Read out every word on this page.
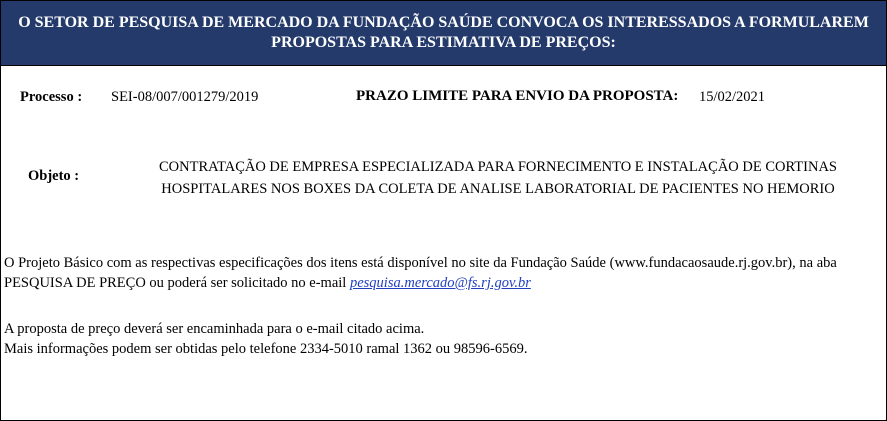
O SETOR DE PESQUISA DE MERCADO DA FUNDAÇÃO SAÚDE CONVOCA OS INTERESSADOS A FORMULAREM PROPOSTAS PARA ESTIMATIVA DE PREÇOS:
Processo : SEI-08/007/001279/2019	PRAZO LIMITE PARA ENVIO DA PROPOSTA: 15/02/2021
Objeto :
CONTRATAÇÃO DE EMPRESA ESPECIALIZADA PARA FORNECIMENTO E INSTALAÇÃO DE CORTINAS HOSPITALARES NOS BOXES DA COLETA DE ANALISE LABORATORIAL DE PACIENTES NO HEMORIO
O Projeto Básico com as respectivas especificações dos itens está disponível no site da Fundação Saúde (www.fundacaosaude.rj.gov.br), na aba PESQUISA DE PREÇO ou poderá ser solicitado no e-mail pesquisa.mercado@fs.rj.gov.br
A proposta de preço deverá ser encaminhada para o e-mail citado acima.
Mais informações podem ser obtidas pelo telefone 2334-5010 ramal 1362 ou 98596-6569.
